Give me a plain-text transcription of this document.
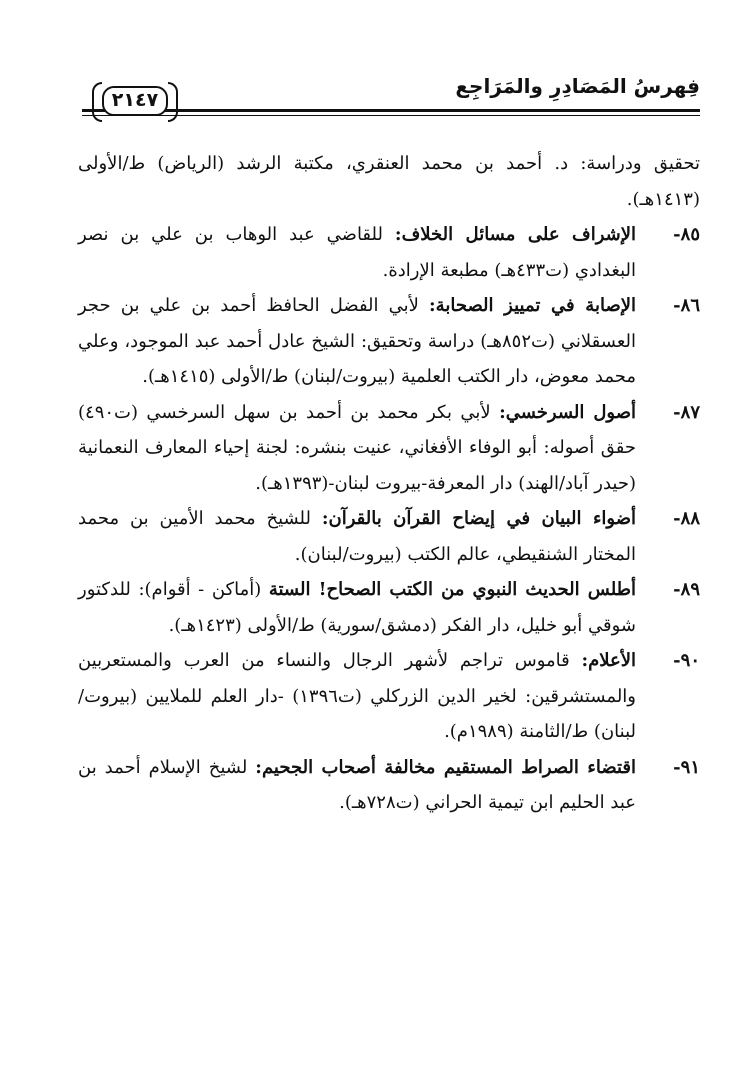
٢١٤٧
فِهرسُ المَصَادِرِ والمَرَاجِع

تحقيق ودراسة: د. أحمد بن محمد العنقري، مكتبة الرشد (الرياض) ط/الأولى (١٤١٣هـ).

٨٥-
الإشراف على مسائل الخلاف: للقاضي عبد الوهاب بن علي بن نصر البغدادي (ت٤٣٣هـ) مطبعة الإرادة.
٨٦-
الإصابة في تمييز الصحابة: لأبي الفضل الحافظ أحمد بن علي بن حجر العسقلاني (ت٨٥٢هـ) دراسة وتحقيق: الشيخ عادل أحمد عبد الموجود، وعلي محمد معوض، دار الكتب العلمية (بيروت/لبنان) ط/الأولى (١٤١٥هـ).
٨٧-
أصول السرخسي: لأبي بكر محمد بن أحمد بن سهل السرخسي (ت٤٩٠) حقق أصوله: أبو الوفاء الأفغاني، عنيت بنشره: لجنة إحياء المعارف النعمانية (حيدر آباد/الهند) دار المعرفة-بيروت لبنان-(١٣٩٣هـ).
٨٨-
أضواء البيان في إيضاح القرآن بالقرآن: للشيخ محمد الأمين بن محمد المختار الشنقيطي، عالم الكتب (بيروت/لبنان).
٨٩-
أطلس الحديث النبوي من الكتب الصحاح! الستة (أماكن - أقوام): للدكتور شوقي أبو خليل، دار الفكر (دمشق/سورية) ط/الأولى (١٤٢٣هـ).
٩٠-
الأعلام: قاموس تراجم لأشهر الرجال والنساء من العرب والمستعربين والمستشرقين: لخير الدين الزركلي (ت١٣٩٦) -دار العلم للملايين (بيروت/لبنان) ط/الثامنة (١٩٨٩م).
٩١-
اقتضاء الصراط المستقيم مخالفة أصحاب الجحيم: لشيخ الإسلام أحمد بن عبد الحليم ابن تيمية الحراني (ت٧٢٨هـ).
